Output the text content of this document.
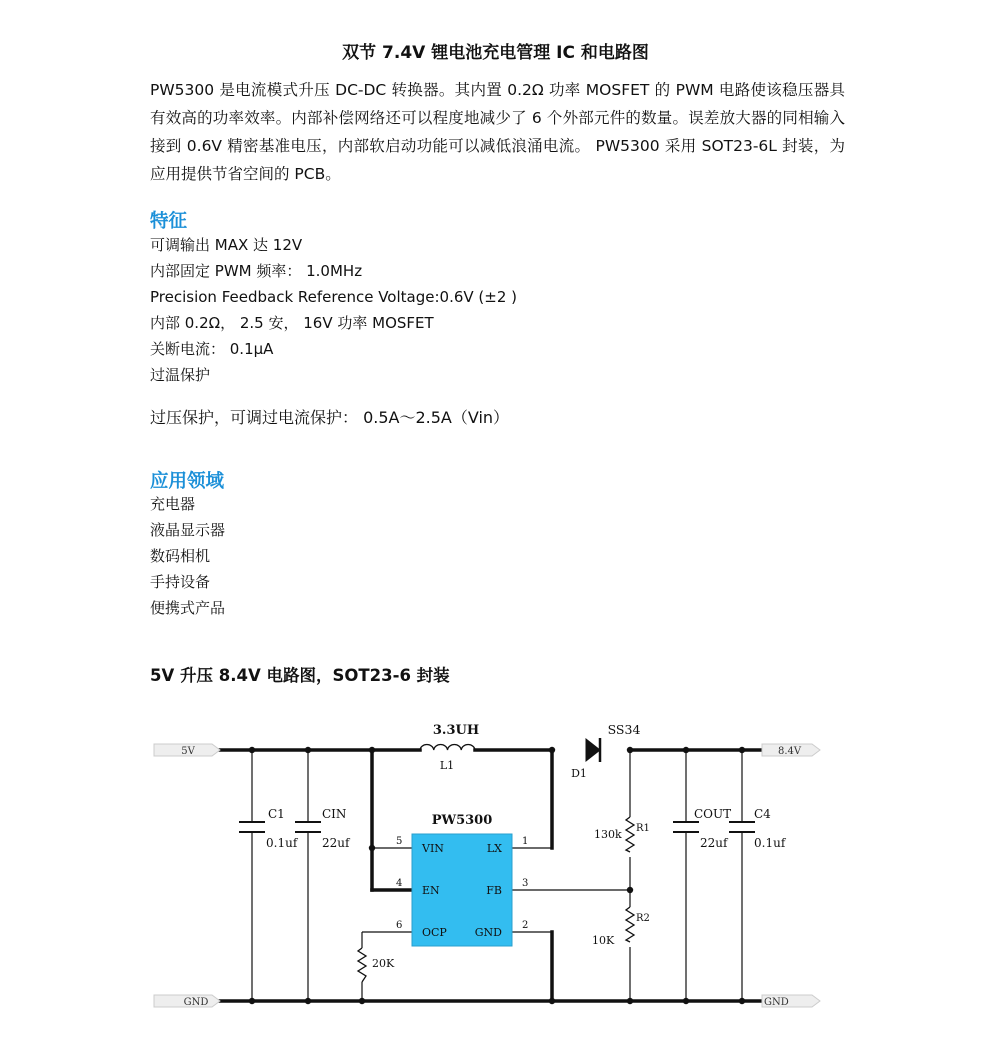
双节 7.4V 锂电池充电管理 IC 和电路图

PW5300 是电流模式升压 DC-DC 转换器。其内置 0.2Ω 功率 MOSFET 的 PWM 电路使该稳压器具有效高的功率效率。内部补偿网络还可以程度地减少了 6 个外部元件的数量。误差放大器的同相输入接到 0.6V 精密基准电压，内部软启动功能可以减低浪涌电流。 PW5300 采用 SOT23-6L 封装，为应用提供节省空间的 PCB。

特征
可调输出 MAX 达 12V
内部固定 PWM 频率： 1.0MHz
Precision Feedback Reference Voltage:0.6V (±2 )
内部 0.2Ω， 2.5 安， 16V 功率 MOSFET
关断电流： 0.1μA
过温保护
过压保护，可调过电流保护： 0.5A〜2.5A（Vin）
应用领域
充电器
液晶显示器
数码相机
手持设备
便携式产品
5V 升压 8.4V 电路图，SOT23-6 封装
5V
GND
8.4V
GND
3.3UH
L1
SS34
D1
C1
0.1uf
CIN
22uf
COUT
22uf
C4
0.1uf
R1
130k
R2
10K
20K
PW5300
VIN
EN
OCP
LX
FB
GND
5
4
6
1
3
2
